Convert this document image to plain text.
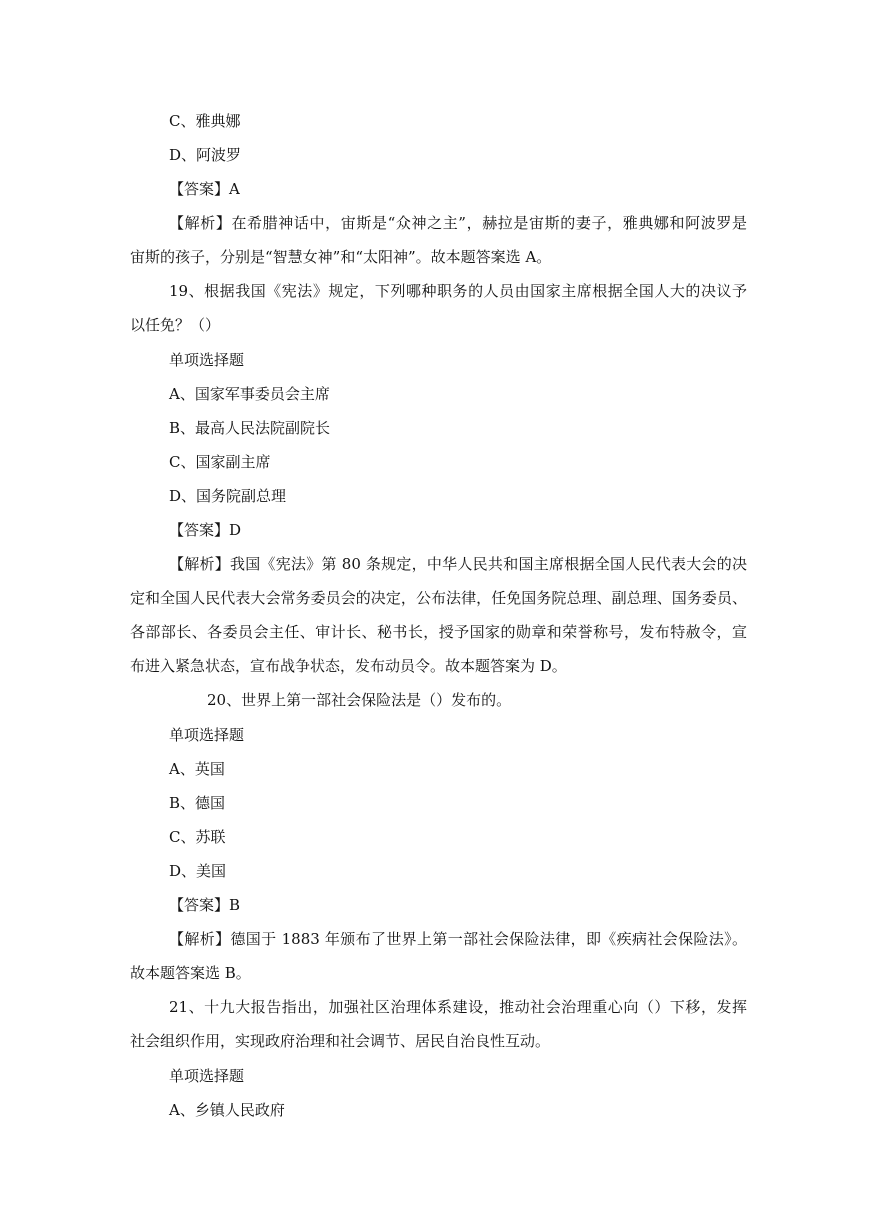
C、雅典娜
D、阿波罗
【答案】A
【解析】在希腊神话中，宙斯是“众神之主”，赫拉是宙斯的妻子，雅典娜和阿波罗是
宙斯的孩子，分别是“智慧女神”和“太阳神”。故本题答案选 A。
19、根据我国《宪法》规定，下列哪种职务的人员由国家主席根据全国人大的决议予
以任免？（）
单项选择题
A、国家军事委员会主席
B、最高人民法院副院长
C、国家副主席
D、国务院副总理
【答案】D
【解析】我国《宪法》第 80 条规定，中华人民共和国主席根据全国人民代表大会的决
定和全国人民代表大会常务委员会的决定，公布法律，任免国务院总理、副总理、国务委员、
各部部长、各委员会主任、审计长、秘书长，授予国家的勋章和荣誉称号，发布特赦令，宣
布进入紧急状态，宣布战争状态，发布动员令。故本题答案为 D。
20、世界上第一部社会保险法是（）发布的。
单项选择题
A、英国
B、德国
C、苏联
D、美国
【答案】B
【解析】德国于 1883 年颁布了世界上第一部社会保险法律，即《疾病社会保险法》。
故本题答案选 B。
21、十九大报告指出，加强社区治理体系建设，推动社会治理重心向（）下移，发挥
社会组织作用，实现政府治理和社会调节、居民自治良性互动。
单项选择题
A、乡镇人民政府
